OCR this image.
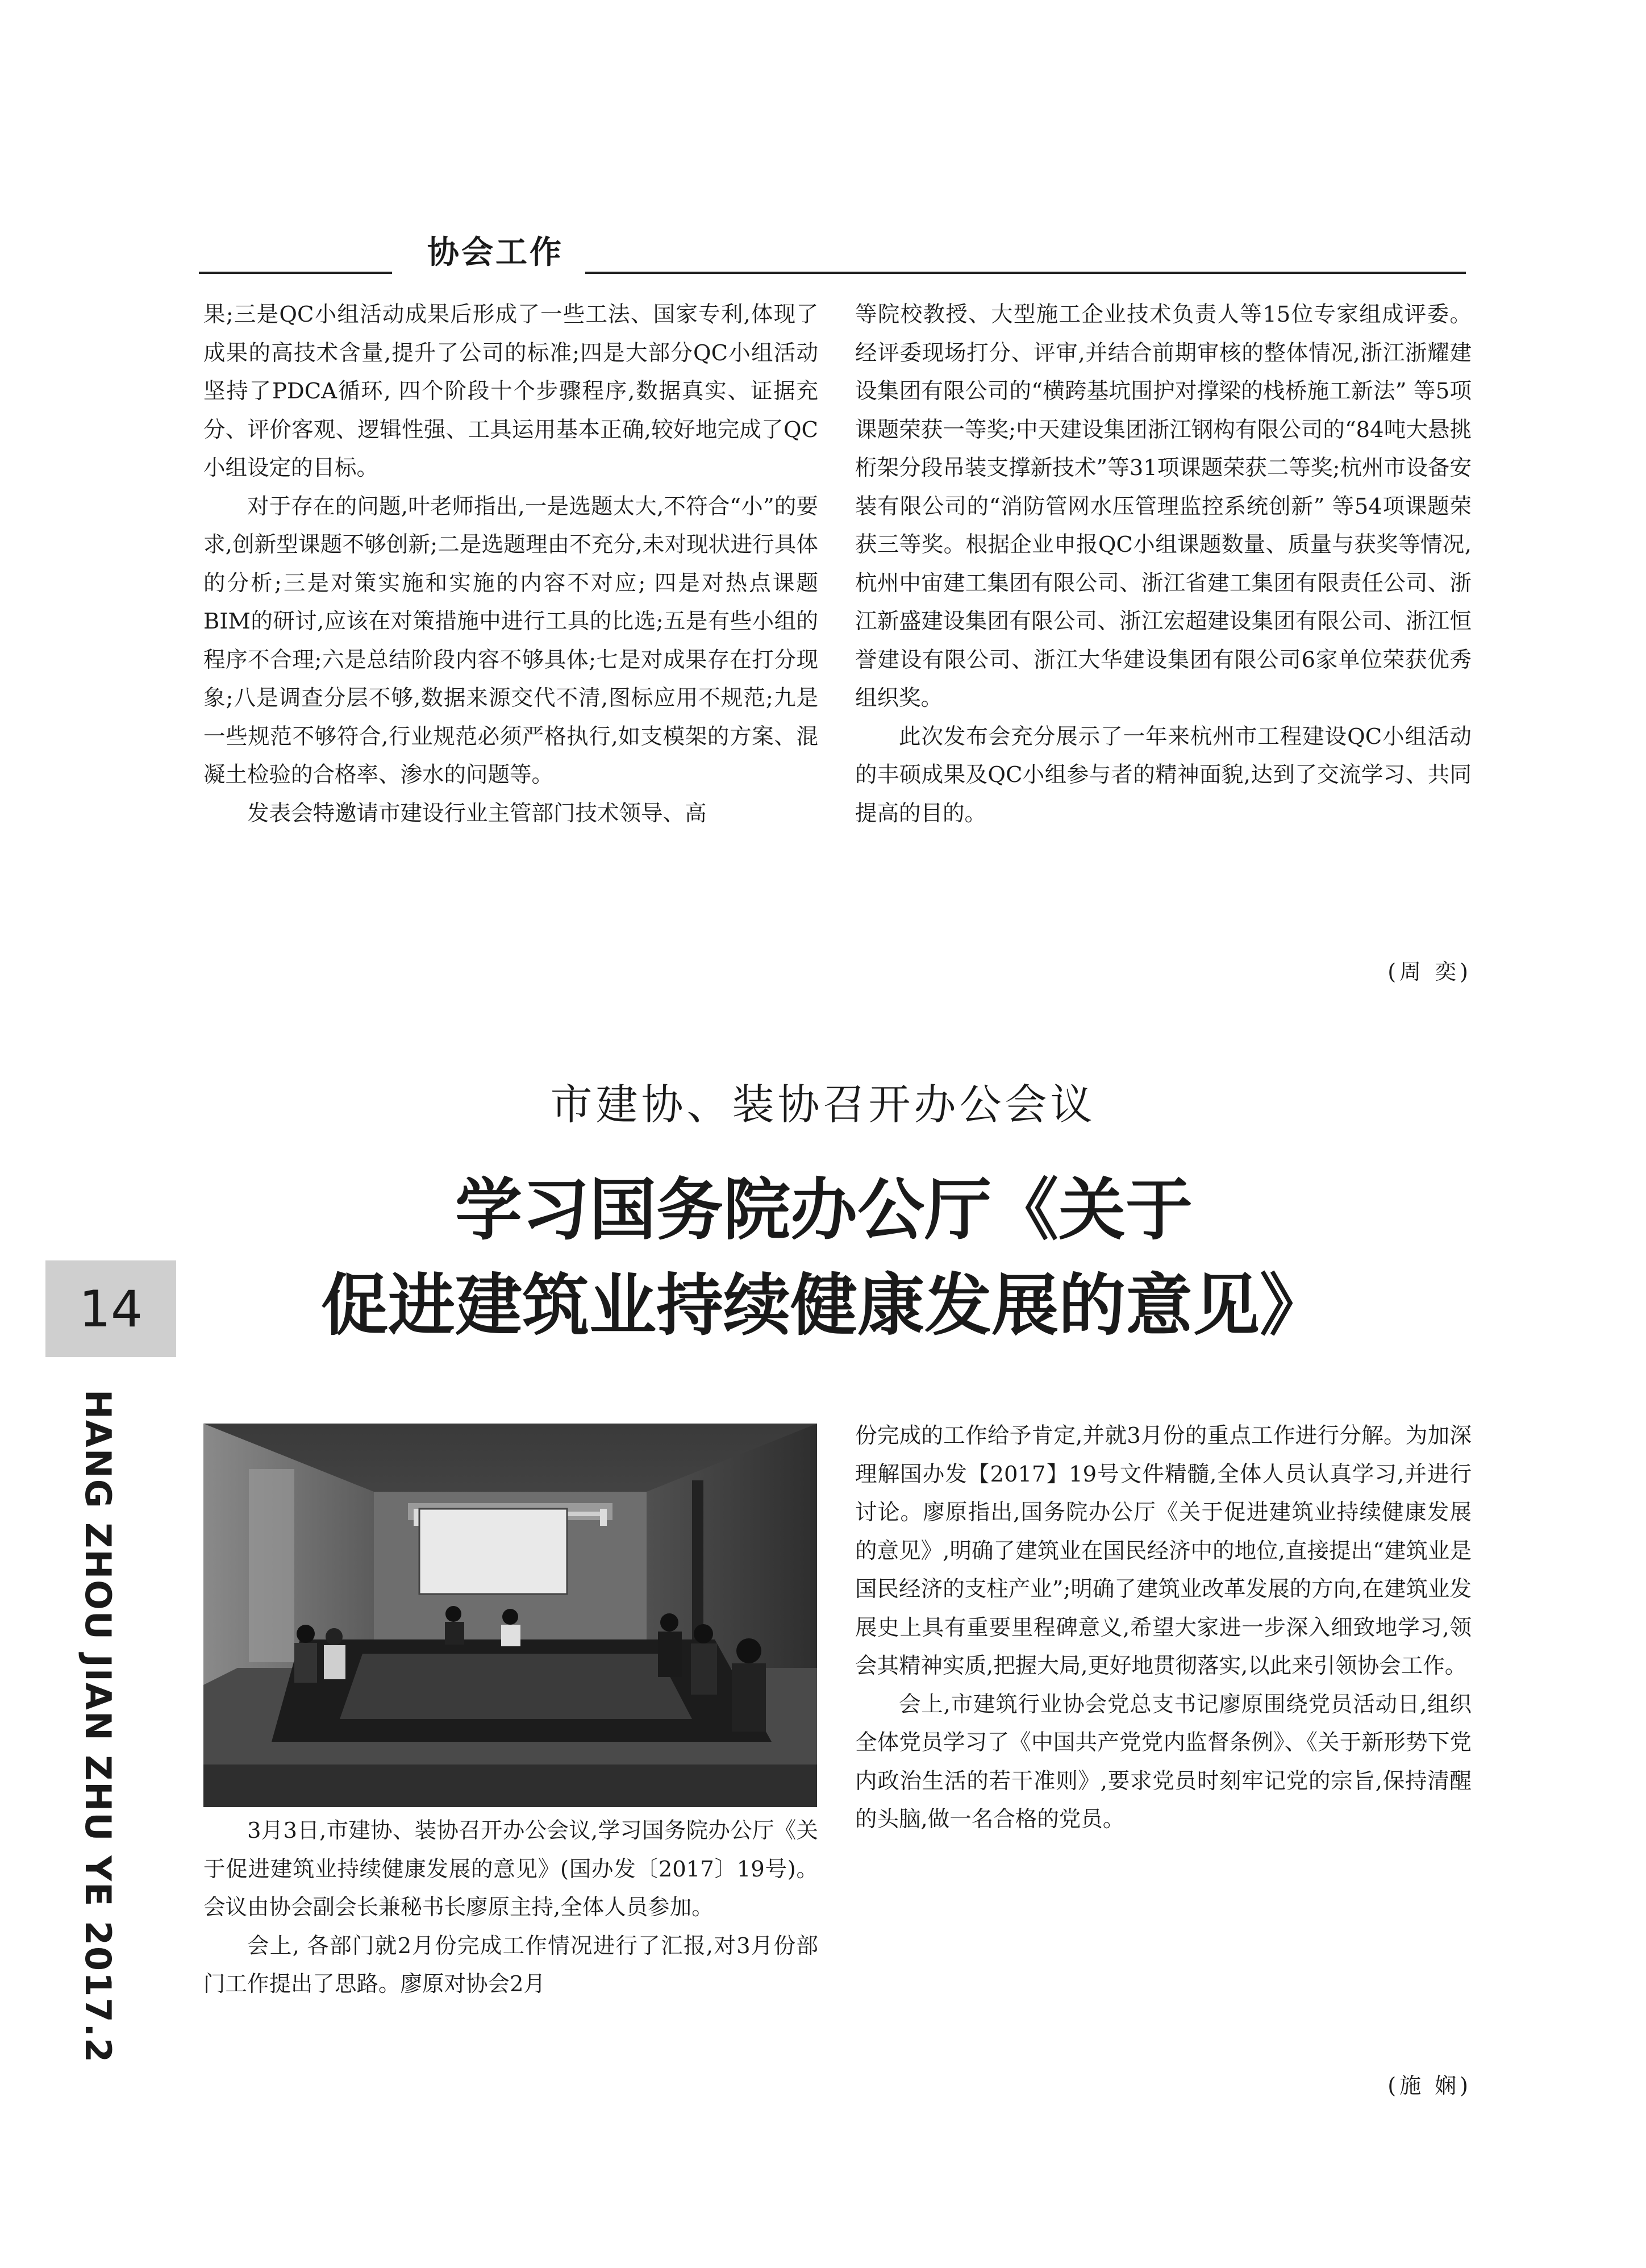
协会工作

果;三是QC小组活动成果后形成了一些工法、国家专利,体现了成果的高技术含量,提升了公司的标准;四是大部分QC小组活动坚持了PDCA循环, 四个阶段十个步骤程序,数据真实、证据充分、评价客观、逻辑性强、工具运用基本正确,较好地完成了QC小组设定的目标。

对于存在的问题,叶老师指出,一是选题太大,不符合“小”的要求,创新型课题不够创新;二是选题理由不充分,未对现状进行具体的分析;三是对策实施和实施的内容不对应; 四是对热点课题BIM的研讨,应该在对策措施中进行工具的比选;五是有些小组的程序不合理;六是总结阶段内容不够具体;七是对成果存在打分现象;八是调查分层不够,数据来源交代不清,图标应用不规范;九是一些规范不够符合,行业规范必须严格执行,如支模架的方案、混凝土检验的合格率、渗水的问题等。

发表会特邀请市建设行业主管部门技术领导、高

等院校教授、大型施工企业技术负责人等15位专家组成评委。经评委现场打分、评审,并结合前期审核的整体情况,浙江浙耀建设集团有限公司的“横跨基坑围护对撑梁的栈桥施工新法” 等5项课题荣获一等奖;中天建设集团浙江钢构有限公司的“84吨大悬挑桁架分段吊装支撑新技术”等31项课题荣获二等奖;杭州市设备安装有限公司的“消防管网水压管理监控系统创新” 等54项课题荣获三等奖。根据企业申报QC小组课题数量、质量与获奖等情况,杭州中宙建工集团有限公司、浙江省建工集团有限责任公司、浙江新盛建设集团有限公司、浙江宏超建设集团有限公司、浙江恒誉建设有限公司、浙江大华建设集团有限公司6家单位荣获优秀组织奖。

此次发布会充分展示了一年来杭州市工程建设QC小组活动的丰硕成果及QC小组参与者的精神面貌,达到了交流学习、共同提高的目的。

(周 奕)
市建协、装协召开办公会议
学习国务院办公厅《关于
促进建筑业持续健康发展的意见》
14
HANG ZHOU JIAN ZHU YE 2017.2	3月3日,市建协、装协召开办公会议,学习国务院办公厅《关于促进建筑业持续健康发展的意见》(国办发〔2017〕19号)。会议由协会副会长兼秘书长廖原主持,全体人员参加。

会上, 各部门就2月份完成工作情况进行了汇报,对3月份部门工作提出了思路。廖原对协会2月

份完成的工作给予肯定,并就3月份的重点工作进行分解。为加深理解国办发【2017】19号文件精髓,全体人员认真学习,并进行讨论。廖原指出,国务院办公厅《关于促进建筑业持续健康发展的意见》,明确了建筑业在国民经济中的地位,直接提出“建筑业是国民经济的支柱产业”;明确了建筑业改革发展的方向,在建筑业发展史上具有重要里程碑意义,希望大家进一步深入细致地学习,领会其精神实质,把握大局,更好地贯彻落实,以此来引领协会工作。

会上,市建筑行业协会党总支书记廖原围绕党员活动日,组织全体党员学习了《中国共产党党内监督条例》、《关于新形势下党内政治生活的若干准则》,要求党员时刻牢记党的宗旨,保持清醒的头脑,做一名合格的党员。

(施 娴)
